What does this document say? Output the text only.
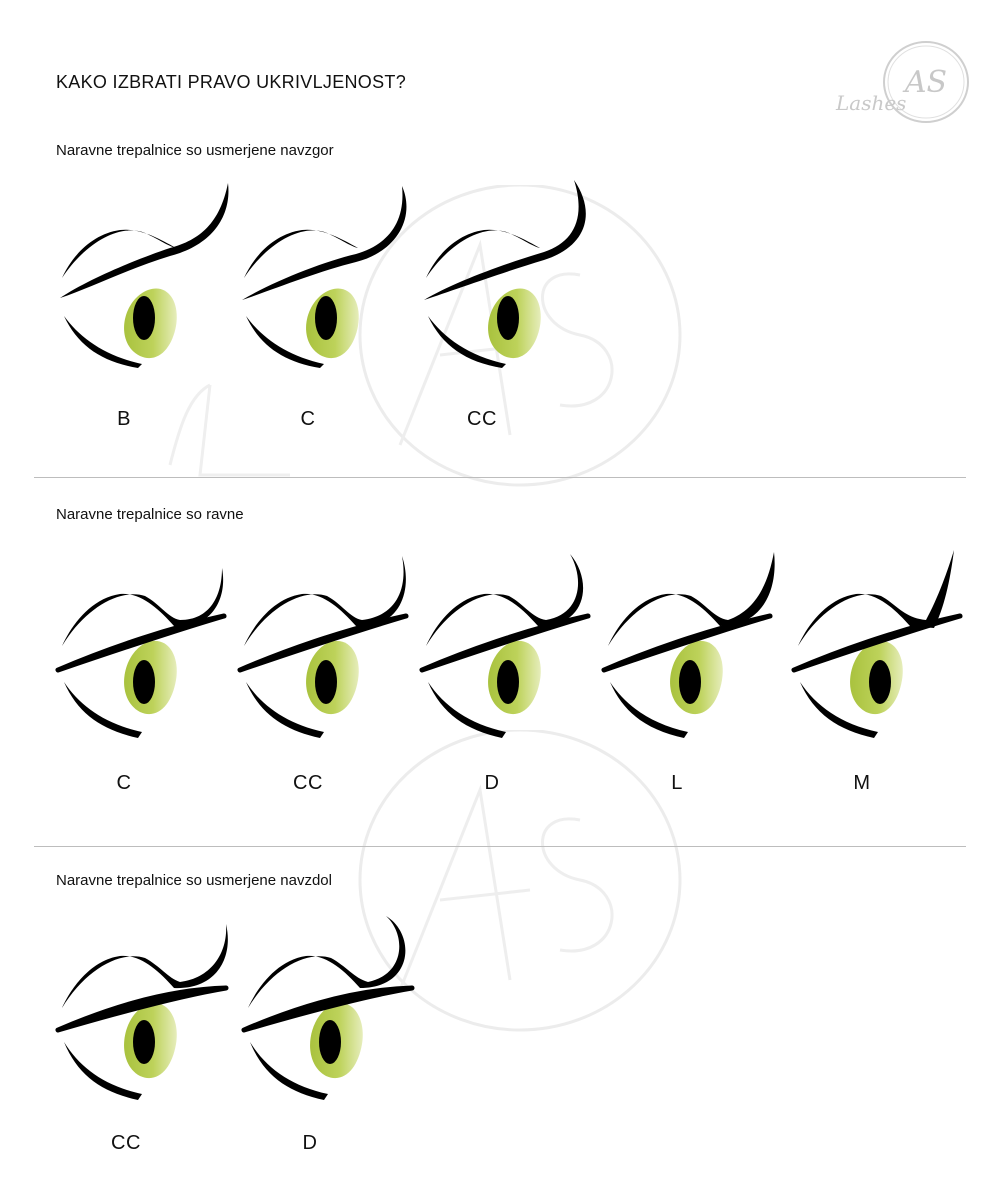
KAKO IZBRATI PRAVO UKRIVLJENOST?	AS
Lashes
Naravne trepalnice so usmerjene navzgor
B	C	CC
Naravne trepalnice so ravne
C	CC	D	L	M
Naravne trepalnice so usmerjene navzdol
CC	D
